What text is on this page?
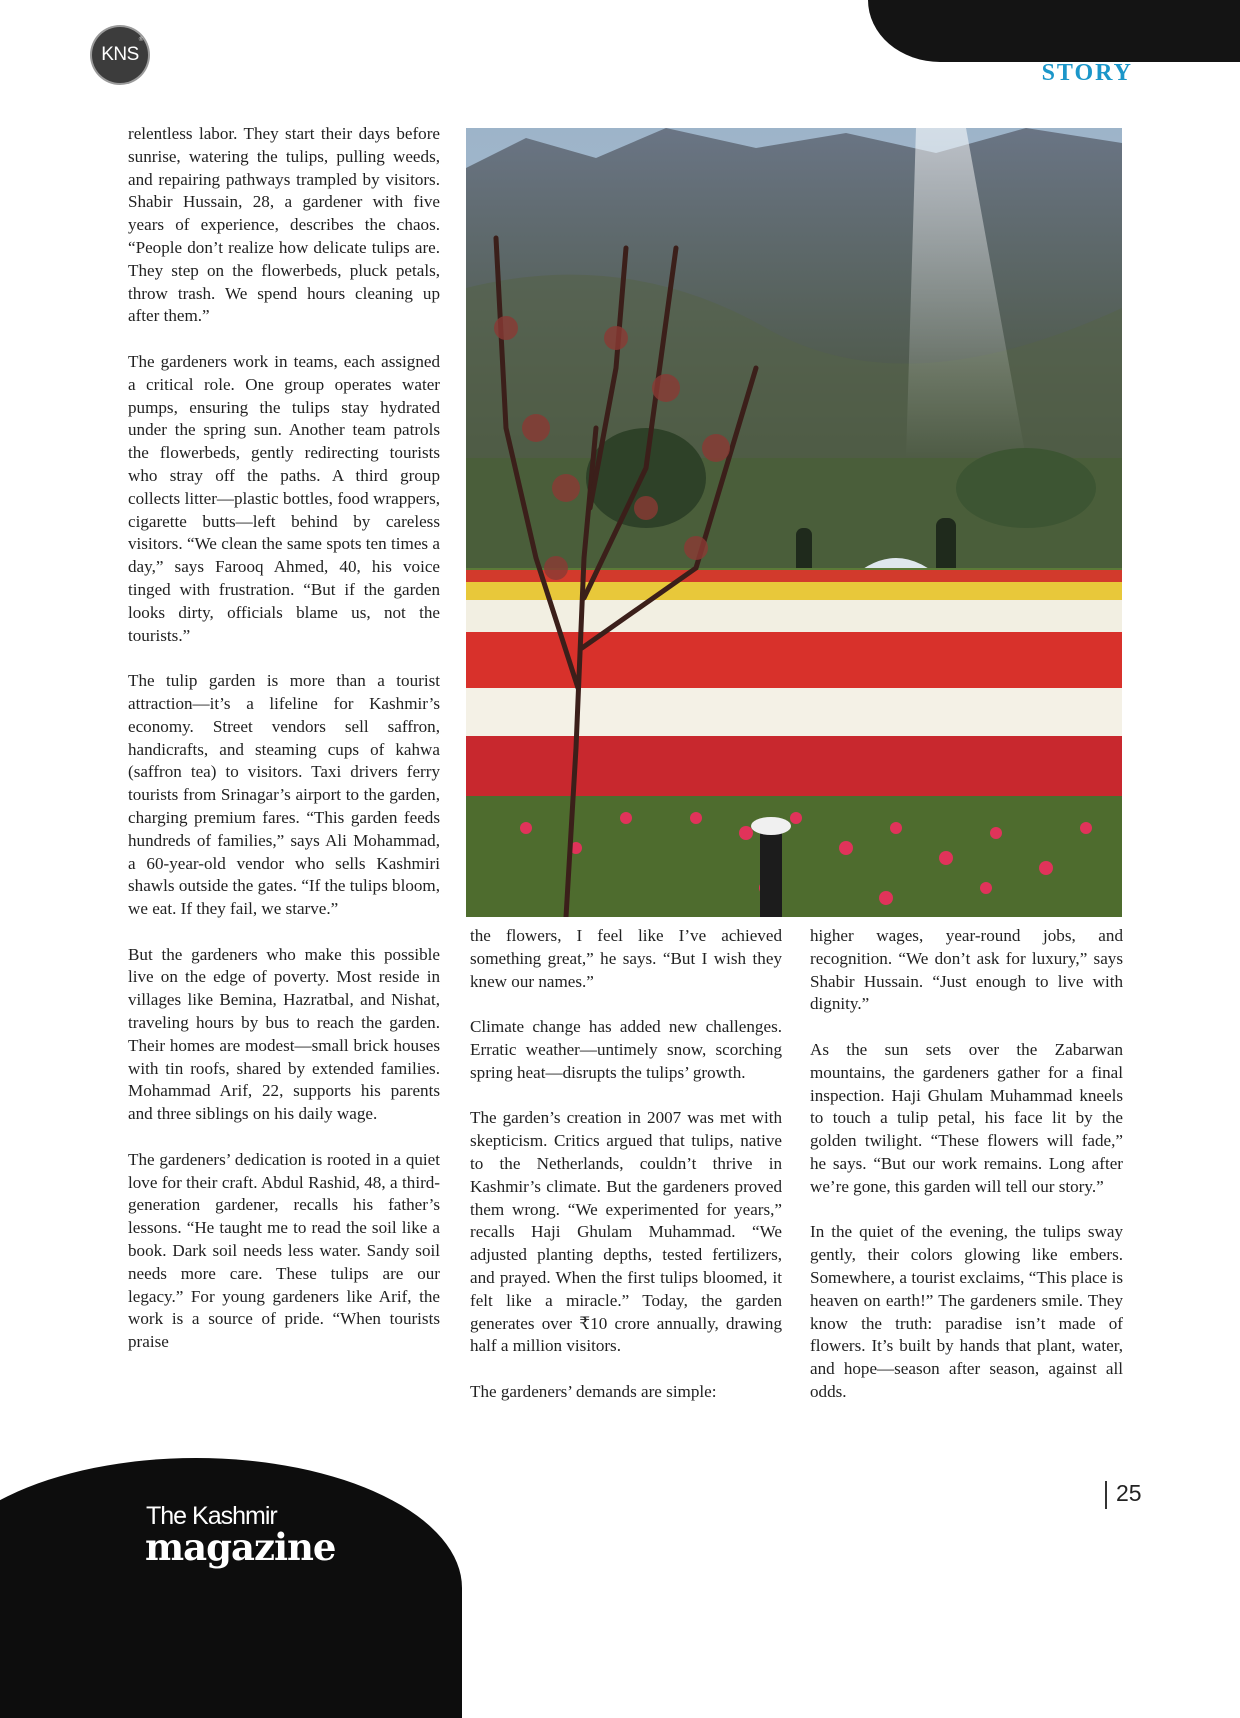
KNS
®
STORY

relentless labor. They start their days before sunrise, watering the tulips, pulling weeds, and repairing pathways trampled by visitors. Shabir Hussain, 28, a gardener with five years of experience, describes the chaos. “People don’t realize how delicate tulips are. They step on the flowerbeds, pluck petals, throw trash. We spend hours cleaning up after them.”

The gardeners work in teams, each assigned a critical role. One group operates water pumps, ensuring the tulips stay hydrated under the spring sun. Another team patrols the flowerbeds, gently redirecting tourists who stray off the paths. A third group collects litter—plastic bottles, food wrappers, cigarette butts—left behind by careless visitors. “We clean the same spots ten times a day,” says Farooq Ahmed, 40, his voice tinged with frustration. “But if the garden looks dirty, officials blame us, not the tourists.”

The tulip garden is more than a tourist attraction—it’s a lifeline for Kashmir’s economy. Street vendors sell saffron, handicrafts, and steaming cups of kahwa (saffron tea) to visitors. Taxi drivers ferry tourists from Srinagar’s airport to the garden, charging premium fares. “This garden feeds hundreds of families,” says Ali Mohammad, a 60-year-old vendor who sells Kashmiri shawls outside the gates. “If the tulips bloom, we eat. If they fail, we starve.”

But the gardeners who make this possible live on the edge of poverty. Most reside in villages like Bemina, Hazratbal, and Nishat, traveling hours by bus to reach the garden. Their homes are modest—small brick houses with tin roofs, shared by extended families. Mohammad Arif, 22, supports his parents and three siblings on his daily wage.

The gardeners’ dedication is rooted in a quiet love for their craft. Abdul Rashid, 48, a third-generation gardener, recalls his father’s lessons. “He taught me to read the soil like a book. Dark soil needs less water. Sandy soil needs more care. These tulips are our legacy.” For young gardeners like Arif, the work is a source of pride. “When tourists praise

the flowers, I feel like I’ve achieved something great,” he says. “But I wish they knew our names.”

Climate change has added new challenges. Erratic weather—untimely snow, scorching spring heat—disrupts the tulips’ growth.

The garden’s creation in 2007 was met with skepticism. Critics argued that tulips, native to the Netherlands, couldn’t thrive in Kashmir’s climate. But the gardeners proved them wrong. “We experimented for years,” recalls Haji Ghulam Muhammad. “We adjusted planting depths, tested fertilizers, and prayed. When the first tulips bloomed, it felt like a miracle.” Today, the garden generates over ₹10 crore annually, drawing half a million visitors.

The gardeners’ demands are simple:

higher wages, year-round jobs, and recognition. “We don’t ask for luxury,” says Shabir Hussain. “Just enough to live with dignity.”

As the sun sets over the Zabarwan mountains, the gardeners gather for a final inspection. Haji Ghulam Muhammad kneels to touch a tulip petal, his face lit by the golden twilight. “These flowers will fade,” he says. “But our work remains. Long after we’re gone, this garden will tell our story.”

In the quiet of the evening, the tulips sway gently, their colors glowing like embers. Somewhere, a tourist exclaims, “This place is heaven on earth!” The gardeners smile. They know the truth: paradise isn’t made of flowers. It’s built by hands that plant, water, and hope—season after season, against all odds.

The Kashmir
magazine
25
